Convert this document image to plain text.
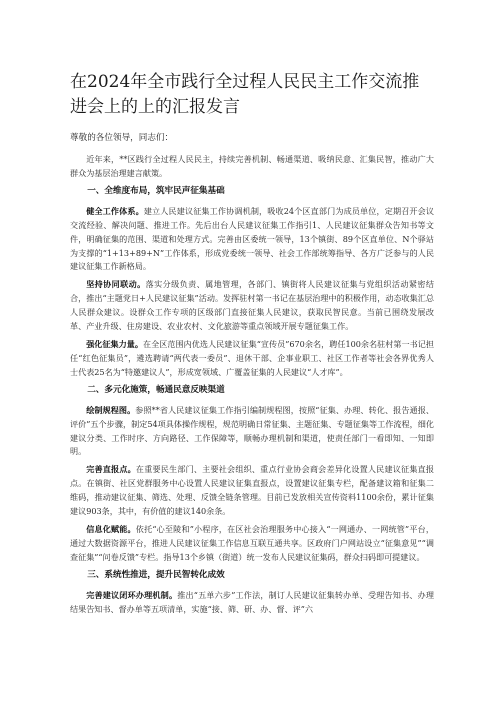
在2024年全市践行全过程人民民主工作交流推进会上的上的汇报发言

尊敬的各位领导，同志们：

近年来，**区践行全过程人民民主，持续完善机制、畅通渠道、吸纳民意、汇集民智，推动广大群众为基层治理建言献策。

一、全维度布局，筑牢民声征集基础

健全工作体系。建立人民建议征集工作协调机制，吸收24个区直部门为成员单位，定期召开会议交流经验、解决问题、推进工作。先后出台人民建议征集工作指引1、人民建议征集群众告知书等文件，明确征集的范围、渠道和处理方式。完善由区委统一领导，13个镇街、89个区直单位、N个驿站为支撑的“1+13+89+N”工作体系，形成党委统一领导、社会工作部统筹指导、各方广泛参与的人民建议征集工作新格局。

坚持协同联动。落实分级负责、属地管理，各部门、镇街将人民建议征集与党组织活动紧密结合，推出“主题党日+人民建议征集”活动。发挥驻村第一书记在基层治理中的积极作用，动态收集汇总人民群众建议。设群众工作专项的区级部门直接征集人民建议，获取民智民意。当前已围绕发展改革、产业升级、住房建设、农业农村、文化旅游等重点领域开展专题征集工作。

强化征集力量。在全区范围内优选人民建议征集“宣传员”670余名，聘任100余名驻村第一书记担任“红色征集员”，遴选聘请“两代表一委员”、退休干部、企事业职工、社区工作者等社会各界优秀人士代表25名为“特邀建议人”，形成宽领域、广覆盖征集的人民建议“人才库”。

二、多元化施策，畅通民意反映渠道

绘制规程图。参照**省人民建议征集工作指引编制规程图，按照“征集、办理、转化、报告通报、评价”五个步骤，制定54项具体操作规程，规范明确日常征集、主题征集、专题征集等工作流程，细化建议分类、工作时序、方向路径、工作保障等，顺畅办理机制和渠道，使责任部门一看即知、一知即明。

完善直报点。在重要民生部门、主要社会组织、重点行业协会商会差异化设置人民建议征集直报点。在镇街、社区党群服务中心设置人民建议征集直报点，设置建议征集专栏，配备建议箱和征集二维码，推动建议征集、筛选、处理、反馈全链条管理。目前已发放相关宣传资料1100余份，累计征集建议903条，其中，有价值的建议140余条。

信息化赋能。依托“心至陵和”小程序，在区社会治理服务中心接入“一网通办、一网统管”平台，通过大数据资源平台，推进人民建议征集工作信息互联互通共享。区政府门户网站设立“征集意见”“调查征集”“问卷反馈”专栏。指导13个乡镇（街道）统一发布人民建议征集码，群众扫码即可提建议。

三、系统性推进，提升民智转化成效

完善建议闭环办理机制。推出“五单六步”工作法，制订人民建议征集转办单、受理告知书、办理结果告知书、督办单等五项清单，实施“接、筛、研、办、督、评”六
